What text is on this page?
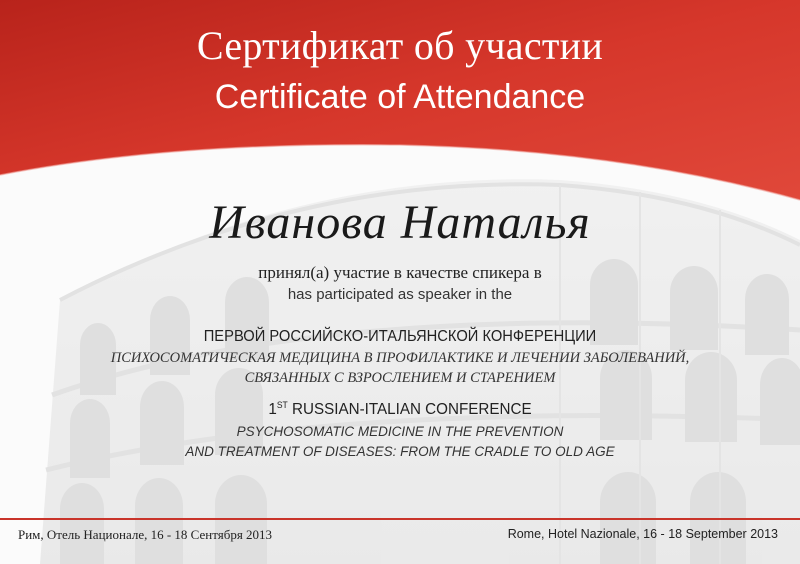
Сертификат об участии
Certificate of Attendance
Иванова Наталья
принял(а) участие в качестве спикера в
has participated as speaker in the
ПЕРВОЙ РОССИЙСКО-ИТАЛЬЯНСКОЙ КОНФЕРЕНЦИИ
ПСИХОСОМАТИЧЕСКАЯ МЕДИЦИНА В ПРОФИЛАКТИКЕ И ЛЕЧЕНИИ ЗАБОЛЕВАНИЙ,
СВЯЗАННЫХ С ВЗРОСЛЕНИЕМ И СТАРЕНИЕМ
1ST RUSSIAN-ITALIAN CONFERENCE
PSYCHOSOMATIC MEDICINE IN THE PREVENTION
AND TREATMENT OF DISEASES: FROM THE CRADLE TO OLD AGE
Рим, Отель Национале, 16 - 18 Сентября 2013	Rome, Hotel Nazionale, 16 - 18 September 2013
